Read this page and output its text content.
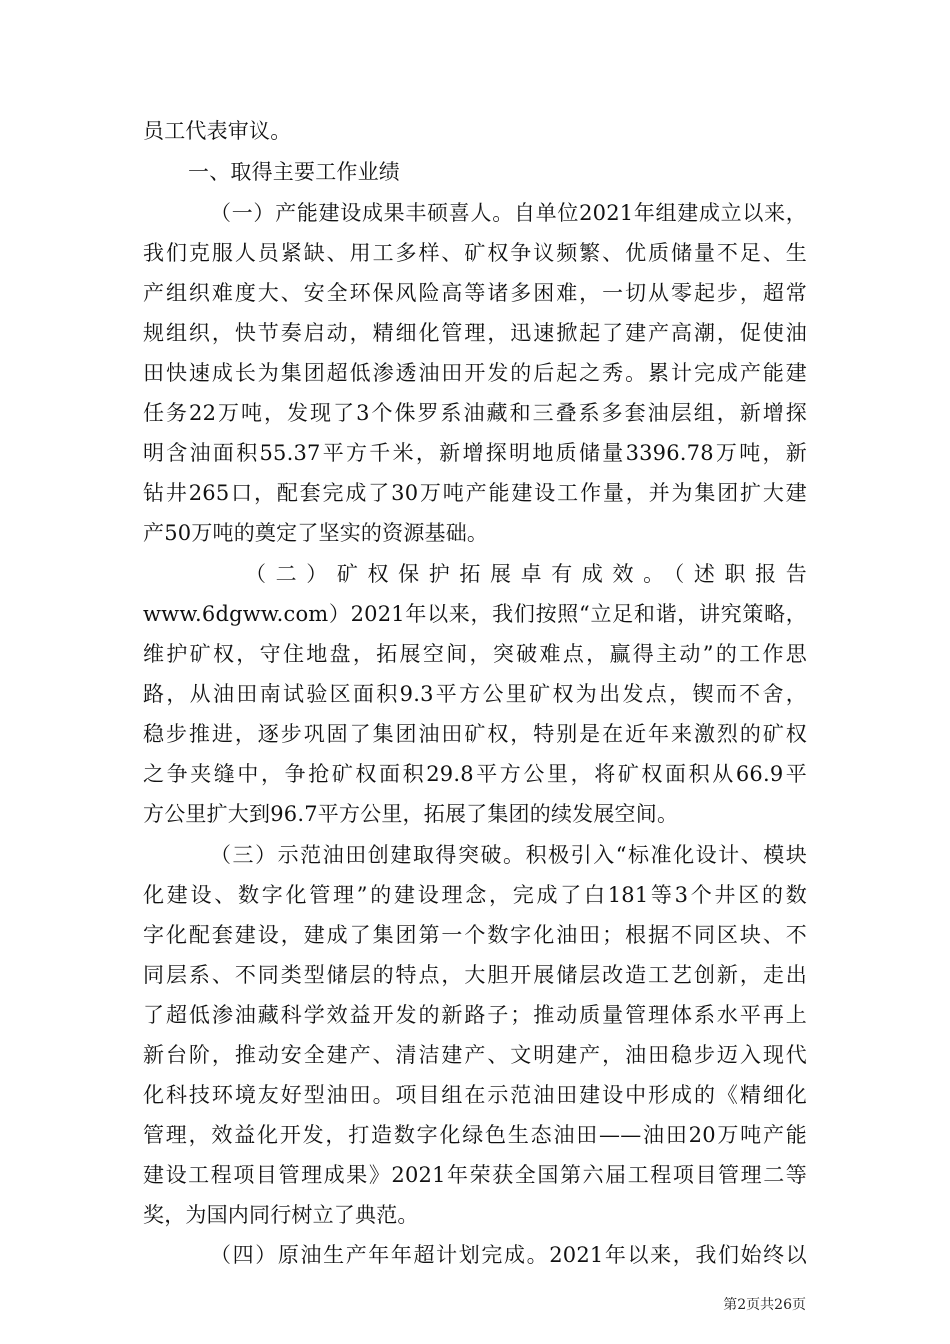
员工代表审议。
一、取得主要工作业绩
（一）产能建设成果丰硕喜人。自单位2021年组建成立以来，
我们克服人员紧缺、用工多样、矿权争议频繁、优质储量不足、生
产组织难度大、安全环保风险高等诸多困难，一切从零起步，超常
规组织，快节奏启动，精细化管理，迅速掀起了建产高潮，促使油
田快速成长为集团超低渗透油田开发的后起之秀。累计完成产能建
任务22万吨，发现了3个侏罗系油藏和三叠系多套油层组，新增探
明含油面积55.37平方千米，新增探明地质储量3396.78万吨，新
钻井265口，配套完成了30万吨产能建设工作量，并为集团扩大建
产50万吨的奠定了坚实的资源基础。
（二）矿权保护拓展卓有成效。（述职报告
www.6dgww.com）2021年以来，我们按照“立足和谐，讲究策略，
维护矿权，守住地盘，拓展空间，突破难点，赢得主动”的工作思
路，从油田南试验区面积9.3平方公里矿权为出发点，锲而不舍，
稳步推进，逐步巩固了集团油田矿权，特别是在近年来激烈的矿权
之争夹缝中，争抢矿权面积29.8平方公里，将矿权面积从66.9平
方公里扩大到96.7平方公里，拓展了集团的续发展空间。
（三）示范油田创建取得突破。积极引入“标准化设计、模块
化建设、数字化管理”的建设理念，完成了白181等3个井区的数
字化配套建设，建成了集团第一个数字化油田；根据不同区块、不
同层系、不同类型储层的特点，大胆开展储层改造工艺创新，走出
了超低渗油藏科学效益开发的新路子；推动质量管理体系水平再上
新台阶，推动安全建产、清洁建产、文明建产，油田稳步迈入现代
化科技环境友好型油田。项目组在示范油田建设中形成的《精细化
管理，效益化开发，打造数字化绿色生态油田——油田20万吨产能
建设工程项目管理成果》2021年荣获全国第六届工程项目管理二等
奖，为国内同行树立了典范。
（四）原油生产年年超计划完成。2021年以来，我们始终以
第2页共26页
